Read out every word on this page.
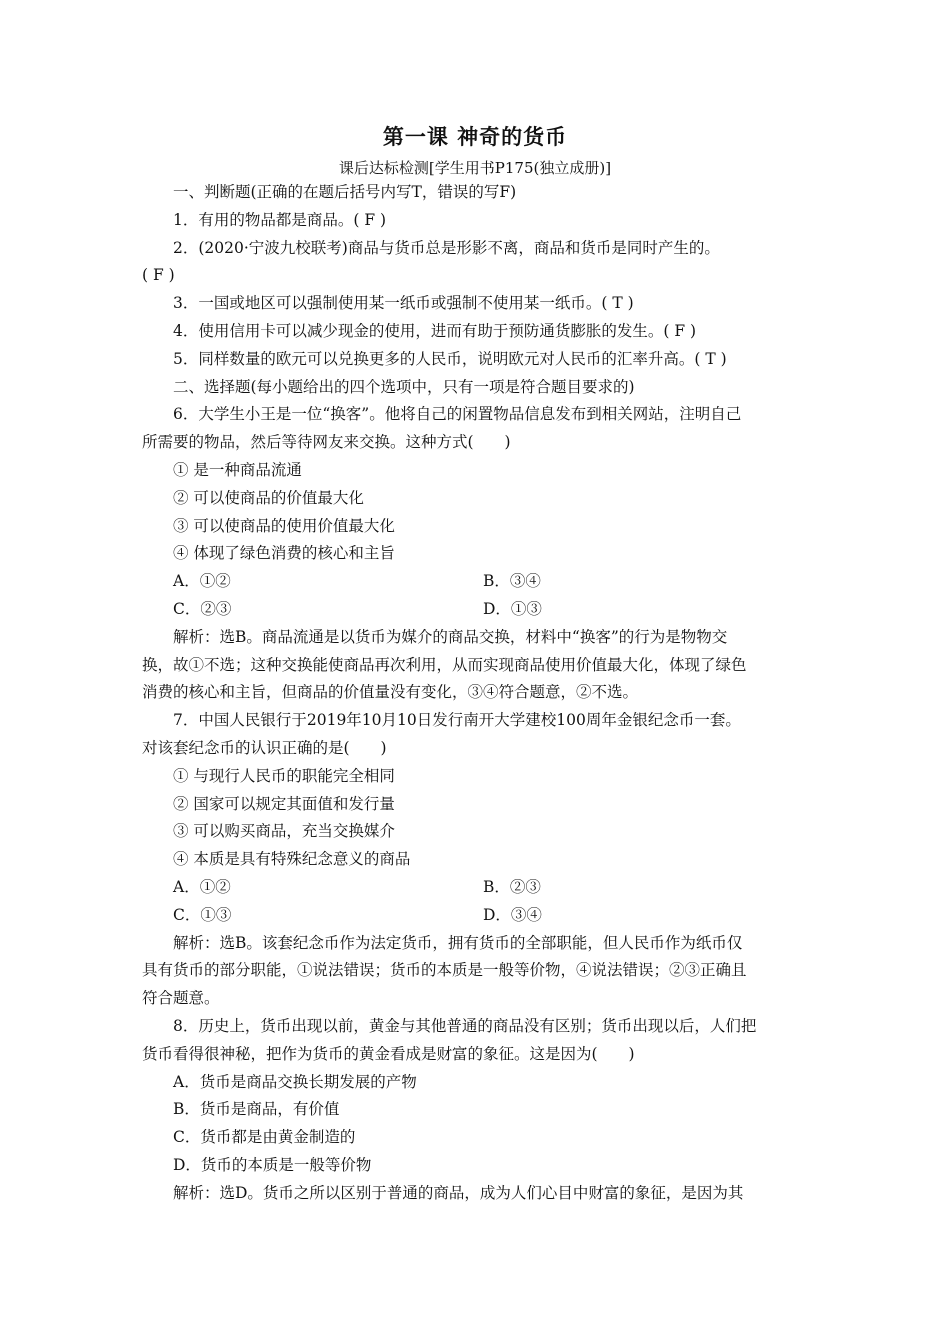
第一课 神奇的货币
课后达标检测[学生用书P175(独立成册)]

一、判断题(正确的在题后括号内写T，错误的写F)

1．有用的物品都是商品。( F )

2．(2020·宁波九校联考)商品与货币总是形影不离，商品和货币是同时产生的。

( F )

3．一国或地区可以强制使用某一纸币或强制不使用某一纸币。( T )

4．使用信用卡可以减少现金的使用，进而有助于预防通货膨胀的发生。( F )

5．同样数量的欧元可以兑换更多的人民币，说明欧元对人民币的汇率升高。( T )

二、选择题(每小题给出的四个选项中，只有一项是符合题目要求的)

6．大学生小王是一位“换客”。他将自己的闲置物品信息发布到相关网站，注明自己

所需要的物品，然后等待网友来交换。这种方式(　　)

① 是一种商品流通

② 可以使商品的价值最大化

③ 可以使商品的使用价值最大化

④ 体现了绿色消费的核心和主旨

A．①②	B．③④
C．②③	D．①③

解析：选B。商品流通是以货币为媒介的商品交换，材料中“换客”的行为是物物交

换，故①不选；这种交换能使商品再次利用，从而实现商品使用价值最大化，体现了绿色

消费的核心和主旨，但商品的价值量没有变化，③④符合题意，②不选。

7．中国人民银行于2019年10月10日发行南开大学建校100周年金银纪念币一套。

对该套纪念币的认识正确的是(　　)

① 与现行人民币的职能完全相同

② 国家可以规定其面值和发行量

③ 可以购买商品，充当交换媒介

④ 本质是具有特殊纪念意义的商品

A．①②	B．②③
C．①③	D．③④

解析：选B。该套纪念币作为法定货币，拥有货币的全部职能，但人民币作为纸币仅

具有货币的部分职能，①说法错误；货币的本质是一般等价物，④说法错误；②③正确且

符合题意。

8．历史上，货币出现以前，黄金与其他普通的商品没有区别；货币出现以后，人们把

货币看得很神秘，把作为货币的黄金看成是财富的象征。这是因为(　　)

A．货币是商品交换长期发展的产物

B．货币是商品，有价值

C．货币都是由黄金制造的

D．货币的本质是一般等价物

解析：选D。货币之所以区别于普通的商品，成为人们心目中财富的象征，是因为其
